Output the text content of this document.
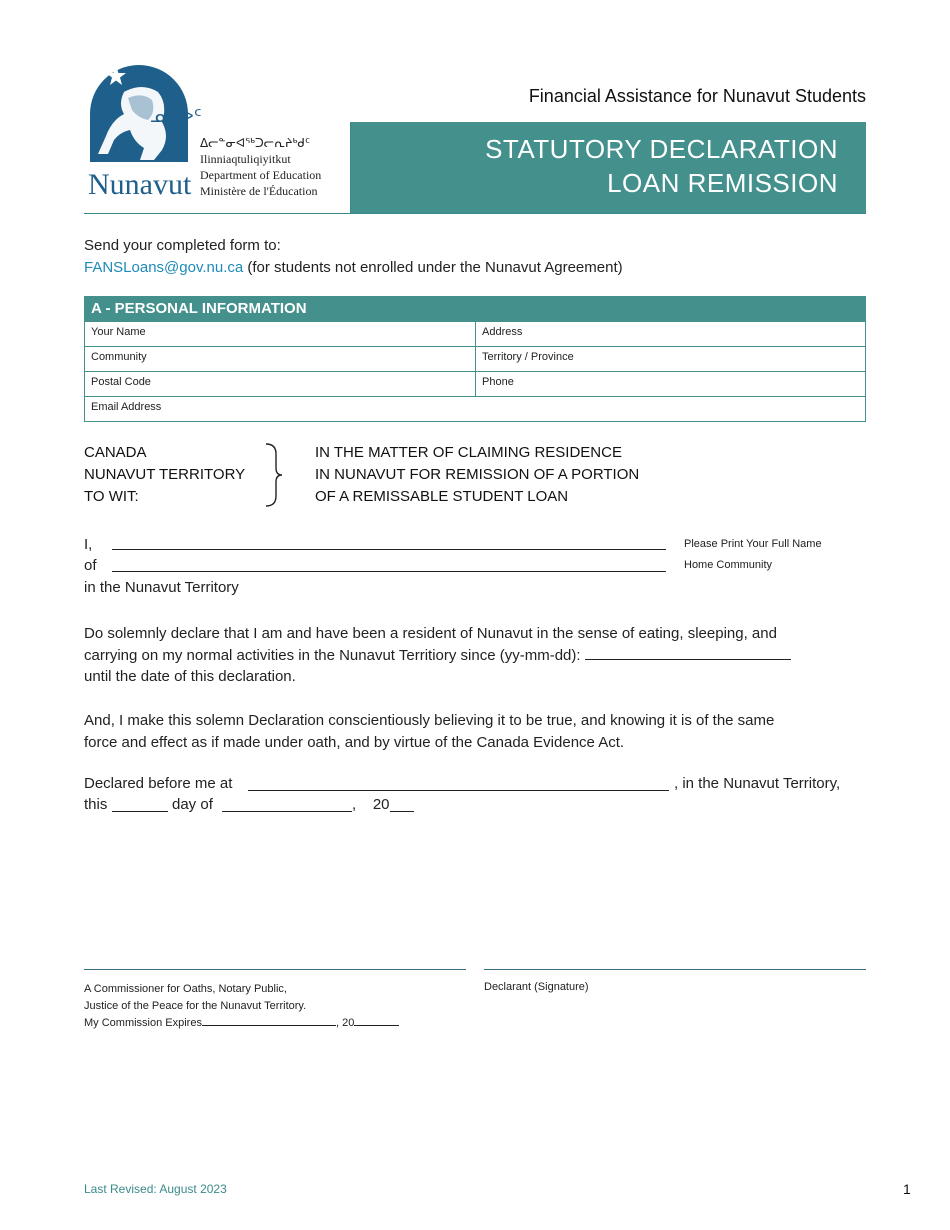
Nunavut
ᓄᓇᕗᑦ
ᐃᓕᓐᓂᐊᖅᑐᓕᕆᔨᒃᑯᑦ
Ilinniaqtuliqiyitkut
Department of Education
Ministère de l'Éducation
Financial Assistance for Nunavut Students
STATUTORY DECLARATION
LOAN REMISSION
Send your completed form to:
FANSLoans@gov.nu.ca (for students not enrolled under the Nunavut Agreement)
A - PERSONAL INFORMATION
Your Name	Address
Community	Territory / Province
Postal Code	Phone
Email Address
CANADA
NUNAVUT TERRITORY
TO WIT:
IN THE MATTER OF CLAIMING RESIDENCE
IN NUNAVUT FOR REMISSION OF A PORTION
OF A REMISSABLE STUDENT LOAN
I,	Please Print Your Full Name
of	Home Community
in the Nunavut Territory
Do solemnly declare that I am and have been a resident of Nunavut in the sense of eating, sleeping, and
carrying on my normal activities in the Nunavut Territiory since (yy-mm-dd):
until the date of this declaration.
And, I make this solemn Declaration conscientiously believing it to be true, and knowing it is of the same
force and effect as if made under oath, and by virtue of the Canada Evidence Act.
Declared before me at	, in the Nunavut Territory,
this	day of	,    20
A Commissioner for Oaths, Notary Public,
Justice of the Peace for the Nunavut Territory.
My Commission Expires	, 20
Declarant (Signature)
Last Revised: August 2023	1
